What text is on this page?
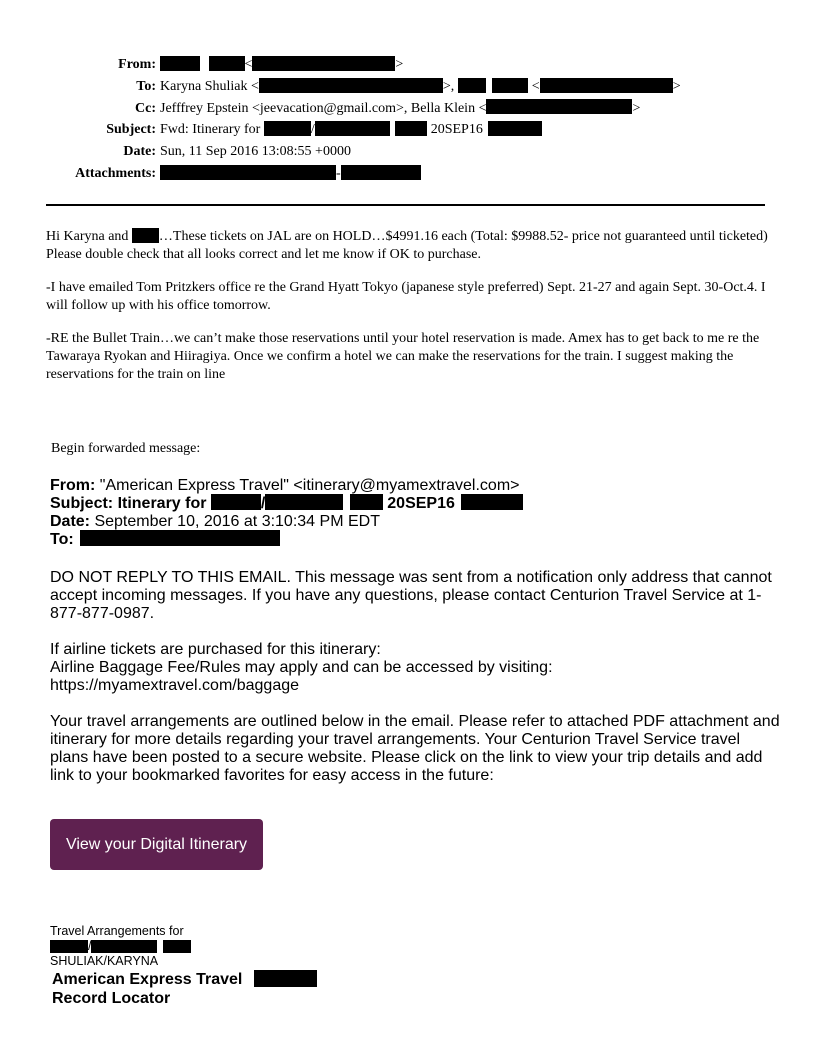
From:	<	>
To: Karyna Shuliak <	>,	<	>
Cc: Jefffrey Epstein <jeevacation@gmail.com>, Bella Klein <	>
Subject: Fwd: Itinerary for	/	20SEP16
Date: Sun, 11 Sep 2016 13:08:55 +0000
Attachments:	-

Hi Karyna and …These tickets on JAL are on HOLD…$4991.16 each (Total: $9988.52- price not guaranteed until ticketed) Please double check that all looks correct and let me know if OK to purchase.

-I have emailed Tom Pritzkers office re the Grand Hyatt Tokyo (japanese style preferred) Sept. 21-27 and again Sept. 30-Oct.4. I will follow up with his office tomorrow.

-RE the Bullet Train…we can’t make those reservations until your hotel reservation is made. Amex has to get back to me re the Tawaraya Ryokan and Hiiragiya. Once we confirm a hotel we can make the reservations for the train. I suggest making the reservations for the train on line

Begin forwarded message:
From: "American Express Travel" <itinerary@myamextravel.com>
Subject: Itinerary for	/	20SEP16
Date: September 10, 2016 at 3:10:34 PM EDT
To:

DO NOT REPLY TO THIS EMAIL. This message was sent from a notification only address that cannot accept incoming messages. If you have any questions, please contact Centurion Travel Service at 1-877-877-0987.

If airline tickets are purchased for this itinerary:
Airline Baggage Fee/Rules may apply and can be accessed by visiting:
https://myamextravel.com/baggage

Your travel arrangements are outlined below in the email. Please refer to attached PDF attachment and itinerary for more details regarding your travel arrangements. Your Centurion Travel Service travel plans have been posted to a secure website. Please click on the link to view your trip details and add link to your bookmarked favorites for easy access in the future:

View your Digital Itinerary
Travel Arrangements for
/
SHULIAK/KARYNA
American Express Travel
Record Locator
